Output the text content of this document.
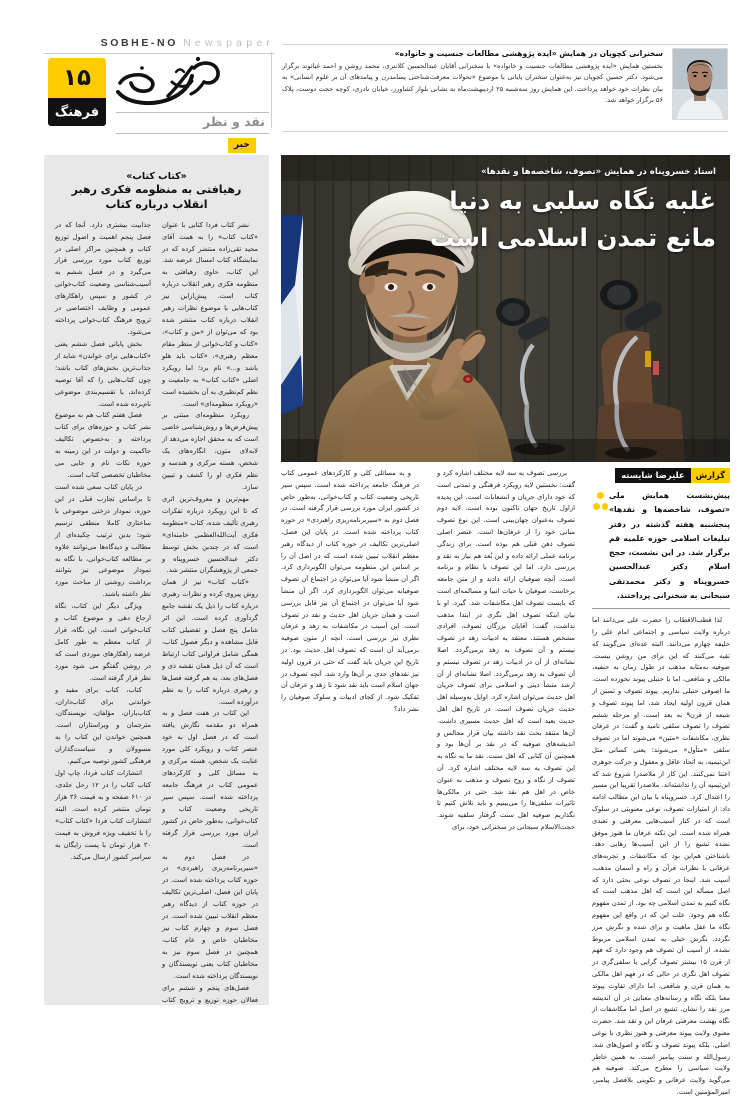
SOBHE-NO Newspaper
۱۵
فرهنگ
نقد و نظر
سخنرانی کچویان در همایش «ایده پژوهشی مطالعات جنسیت و خانواده»
نخستین همایش «ایده پژوهشی مطالعات جنسیت و خانواده» با سخنرانی آقایان عبدالحسین کلانتری، محمد روشن و احمد غیاثوند برگزار می‌شود. دکتر حسین کجویان نیز به‌عنوان سخنران پایانی با موضوع «تحولات معرفت‌شناختی پسامدرن و پیامدهای آن بر علوم انسانی» به بیان نظرات خود خواهد پرداخت. این همایش روز سه‌شنبه ۲۵ اردیبهشت‌ماه به نشانی بلوار کشاورز، خیابان نادری، کوچه حجت دوست، پلاک ۵۶ برگزار خواهد شد.
خبر
«کتاب کتاب»
رهیافتی به منظومه فکری رهبر انقلاب درباره کتاب

نشر کتاب فردا کتابی با عنوان «کتاب کتاب» را به همت آقای مجید تقی‌زاده منتشر کرده که در نمایشگاه کتاب امسال عرضه شد. این کتاب، حاوی رهیافتی به منظومه فکری رهبر انقلاب درباره کتاب است. پیش‌ازاین نیز کتاب‌هایی با موضوع نظرات رهبر انقلاب درباره کتاب منتشر شده بود که می‌توان از «من و کتاب»، «کتاب و کتاب‌خوانی از منظر مقام معظم رهبری»، «کتاب باید هلو باشد و...» نام برد؛ اما رویکرد اصلی «کتاب کتاب» به جامعیت و نظم کم‌نظیری به آن بخشیده است «رویکرد منظومه‌ای» است.

رویکرد منظومه‌ای مبتنی بر پیش‌فرض‌ها و روش‌شناسی خاصی است که به محقق اجازه می‌دهد از لابه‌لای متون، انگاره‌های یک شخص، هسته مرکزی و هندسه و نظم فکری او را کشف و تبیین سازد.

مهم‌ترین و معروف‌ترین اثری که تا این رویکرد درباره تفکرات رهبری تألیف شده، کتاب «منظومه فکری آیت‌الله‌العظمی خامنه‌ای» است که در چندین بخش توسط دکتر عبدالحسین خسروپناه و جمعی از پژوهشگران منتشر شد.

«کتاب کتاب» نیز از همان روش پیروی کرده و نظرات رهبری درباره کتاب را ذیل یک نقشه جامع گردآوری کرده است. این اثر شامل پنج فصل و تفصیلی کتاب قابل مشاهده و دیگر فصول کتاب، همگی شامل فراوانی کتاب ارتباط است که آن ذیل همان نقشه ذی و فصل‌های بعد، به هم گرفته فصل‌ها و رهبری درباره کتاب را به نظم درآورده است.

این کتاب در هفت فصل و به همراه دو مقدمه نگارش یافته است که در فصل اول به خود عنصر کتاب و رویکرد کلی مورد عنایت یک شخص، هسته مرکزی و به مسائل کلی و کارکردهای عمومی کتاب در فرهنگ جامعه پرداخته شده است. سپس سیر تاریخی وضعیت کتاب و کتاب‌خوانی، به‌طور خاص در کشور ایران مورد بررسی قرار گرفته است.

در فصل دوم به «سیربرنامه‌ریزی راهبردی» در حوزه کتاب پرداخته شده است. در پایان این فصل، اصلی‌ترین تکالیف در حوزه کتاب از دیدگاه رهبر معظم انقلاب تبیین شده است. در فصل سوم و چهارم کتاب نیز مخاطبان خاص و عام کتاب، همچنین در فصل سوم نیز به مخاطبان کتاب یعنی نویسندگان و نویسندگان پرداخته شده است.

فصل‌های پنجم و ششم برای فعالان حوزه توزیع و ترویج کتاب جذابیت بیشتری دارد. آنجا که در فصل پنجم اهمیت و اصول توزیع کتاب و همچنین مراکز اصلی در توزیع کتاب مورد بررسی قرار می‌گیرد و در فصل ششم به آسیب‌شناسی وضعیت کتاب‌خوانی در کشور و سپس راهکارهای عمومی و وظایف اختصاصی در ترویج فرهنگ کتاب‌خوانی پرداخته می‌شود.

بخش پایانی فصل ششم یعنی «کتاب‌هایی برای خواندن» شاید از جذاب‌ترین بخش‌های کتاب باشد؛ چون کتاب‌هایی را که آقا توصیه کرده‌اند، با تقسیم‌بندی موضوعی نام‌برده شده است.

فصل هفتم کتاب هم به موضوع نشر کتاب و حوزه‌های برای کتاب پرداخته و به‌خصوص تکالیف حاکمیت و دولت در این زمینه به حوزه نکات نام و جایی می مخاطبان تخصصی کتاب است.

در پایان کتاب سعی شده است تا براساس تجارب قبلی در این حوزه، نمودار درختی موضوعی با ساختاری کاملا منطقی ترسیم شود؛ بدین ترتیب چکیده‌ای از مطالب و دیدگاه‌ها می‌توانند علاوه بر مطالعه کتاب‌خوانی، با نگاه به نمودار موضوعی نیز بتوانند برداشت روشنی از مباحث مورد نظر داشته باشند.

ویژگی دیگر این کتاب، نگاه ارجاع دهی و موضوع کتاب و کتاب‌خوانی است. این نگاه، قرار از کتاب معظم به طور کامل عرضه راهکارهای موردی است که در روشن گفتگو می شود مورد نظر قرار گرفته است.

کتاب، کتاب برای مفید و خواندنی برای کتاب‌داران، کتاب‌یاران، مؤلفان، نویسندگان، مترجمان و ویراستاران است. همچنین خواندن این کتاب را به مسوولان و سیاست‌گذاران فرهنگی کشور توصیه می‌کنیم.

انتشارات کتاب فردا، چاپ اول کتاب کتاب را در ۱۲ رحل جلدی، در ۶۱۰ صفحه و به قیمت ۳۶ هزار تومان منتشر کرده است. البته انتشارات کتاب فردا «کتاب کتاب» را با تخفیف ویژه فروش به قیمت ۳۰ هزار تومان با پست رایگان به سراسر کشور ارسال می‌کند.

استاد خسروپناه در همایش «تصوف، شاخصه‌ها و نقدها»
غلبه نگاه سلبی به دنیا
مانع تمدن اسلامی است
گزارش
علیرضا شایسته

پیش‌نشست همایش ملی «تصوف، شاخصه‌ها و نقدها» پنجشنبه هفته گذشته در دفتر تبلیغات اسلامی حوزه علمیه قم برگزار شد. در این نشست، حجج اسلام دکتر عبدالحسین خسروپناه و دکتر محمدتقی سبحانی به سخنرانی پرداختند.

لذا قطب‌الاقطاب را حضرت علی می‌دانند اما درباره ولایت سیاسی و اجتماعی امام علی را خلیفه چهارم می‌دانند. البته عده‌ای می‌گویند که تقیه می‌کنند که این برای من روشن نیست. صوفیه به‌مثابه مذهب در طول زمان به حنفیه، مالکی و شافعی، اما با حنبلی پیوند نخورده است. ما اصوفی حنبلی نداریم. پیوند تصوف و تسنن از همان قرون اولیه ایجاد شد، اما پیوند تصوف و شیعه از قرن۹ به بعد است. او مرحله ششم تصوف را تصوف سلفی نامید و گفت: در عرفان نظری، مکاشفات «متین» می‌شوند اما در تصوف سلفی «متأول» می‌شوند؛ یعنی کسانی مثل ابن‌تیمیه، به اتحاد عاقل و معقول و حرکت جوهری اعتنا نمی‌کنند. این کار از ملاصدرا شروع شد که ابن‌تیمیه آن را نداشته‌اند. ملاصدرا تقریبا این مسیر را اعتدال کرد. خسروپناه با بیان این مطالب ادامه داد: از امتیازات تصوف، نوعی معنویتی در سلوک است که در کنار آسیب‌هایی معرفتی و تعبدی همراه شده است. این نکته عرفان ما هنوز موفق نشده تشیع را از این آسیب‌ها رهایی دهد. ناشناختن هم‌این بود که مکاشفات و تجربه‌های عرفانی با نظرات قرآن و راه و آسمان مذهب، آسیب شد. اینجا در تصوف نوعی بحثی دارد که اصل مسأله این است که اهل مذهب است که نگاه کنیم به تمدن اسلامی چه بود. از تمدن مفهوم نگاه هم وجود. علت این که در واقع این مفهوم نگاه ما عقل ماهیت و برای شده و نگرش مرز نگردد. نگرش خیلی به تمدن اسلامی مربوط نشده. از آسیب آن تصوف هم وجود دارد که فهم از قرن ۱۵ بیشتر تصوف گرایی با سلفی‌گری در تصوف اهل نگری در حالی که در فهم اهل مالکی به همان قرن و شافعی، اما دارای تفاوت پیوند معنا بلکه نگاه و رسانه‌های معنایی در آن اندیشه مرز نقد را نشان. تشیع در اصل اما مکاشفات از نگاه بهشت معرفتی عرفان این و نقد شد. حضرت معنوی ولایت پیوند معرفتی و هنوز نظری با نوعی اصلی. بلکه پیوند تصوف و نگاه و اصول‌های شد. رسول‌الله و سنت پیامبر است. به همین خاطر ولایت سیاسی را مطرح می‌کند. صوفیه هم می‌گوید ولایت عرفانی و تکوینی بلافصل پیامبر، امیرالمؤمنین است.

بررسی تصوف به سه لایه مختلف اشاره کرد و گفت: نخستین لایه رویکرد فرهنگی و تمدنی است که خود دارای جریان و انشعابات است. این پدیده ازاول تاریخ جهان تاکنون بوده است. لایه دوم تصوف به‌عنوان جهان‌بینی است. این نوع تصوف مبانی خود را از عرفان‌ها است. عنصر اصلی تصوف ذهن قبلی هم بوده است. برای زندگی برنامه عملی ارائه داده و این بُعد هم نیاز به نقد و بررسی دارد. اما این تصوف با نظام و برنامه است. آنچه صوفیان ارائه دادند و از متن جامعه برخاست، صوفیان با حیات انبیا و مسالمه‌ای است که بایست تصوف اهل مکاشفات شد. گیرد. او با بیان اینکه تصوف اهل نگری در ابتدا مذهب نداشت، گفت: آقایان بزرگان تصوف، افرادی مشخص هستند. معتقد به ادبیات زهد در تصوف نیستم و آن تصوف به زهد برمی‌گردد. اصلا نشانه‌ای از آن در ادبیات زهد در تصوف نیستم و آن تصوف به زهد برمی‌گردد. اصلا نشانه‌ای از آن ارشد منشأ دینی و اسلامی برای تصوف جریان اهل حدیث می‌توان اشاره کرد. اوایل به‌وسیله اهل حدیث جریان تصوف است. در تاریخ اهل اهل حدیث بعید است که اهل حدیث مسیری داشت. آن‌ها منتقد بحث نقد داشته بیان قرار مجالس و اندیشه‌های صوفیه که در نقد بر آن‌ها بود و همچنین آن کتابی که اهل سنت. نقد ما به نگاه به این تصوف به سه لایه مختلف اشاره کرد. آن تصوف از نگاه و روح تصوف و مذهب به عنوان خاص در اهل هم نقد شد. حتی در مالکی‌ها تاثیرات سلفی‌ها را می‌بینیم و باید تلاش کنیم تا نگذاریم صوفیه اهل سنت گرفتار سلفیه شوند. حجت‌الاسلام سبحانی در سخنرانی خود، برای

و به مسائلی کلی و کارکردهای عمومی کتاب در فرهنگ جامعه پرداخته شده است. سپس سیر تاریخی وضعیت کتاب و کتاب‌خوانی، به‌طور خاص در کشور ایران مورد بررسی قرار گرفته است. در فصل دوم به «سیربرنامه‌ریزی راهبردی» در حوزه کتاب پرداخته شده است. در پایان این فصل، اصلی‌ترین تکالیف در حوزه کتاب از دیدگاه رهبر معظم انقلاب تبیین شده است که در اصل آن را بر اساس این منظومه می‌توان الگوبرداری کرد. اگر آن منشأ شود آیا می‌توان در اجتماع آن تصوف صوفیانه می‌توان الگوبرداری کرد. اگر آن منشأ شود آیا می‌توان در اجتماع آن نیز قابل بررسی است و همان جریان اهل حدیث و نقد در تصوف است. این آسیب در مکاشفات به زهد و عرفان نظری نیز بررسی است. آنچه از متون صوفیه برمی‌آید آن است که تصوف اهل حدیث بود. در تاریخ این جریان باید گفت که حتی در قرون اولیه نیز نقدهای جدی بر آن‌ها وارد شد. آنچه تصوف در جهان اسلام است باید نقد شود تا زهد و عرفان آن تفکیک شود. از کجای ادبیات و سلوک صوفیان را نشر داد؟
